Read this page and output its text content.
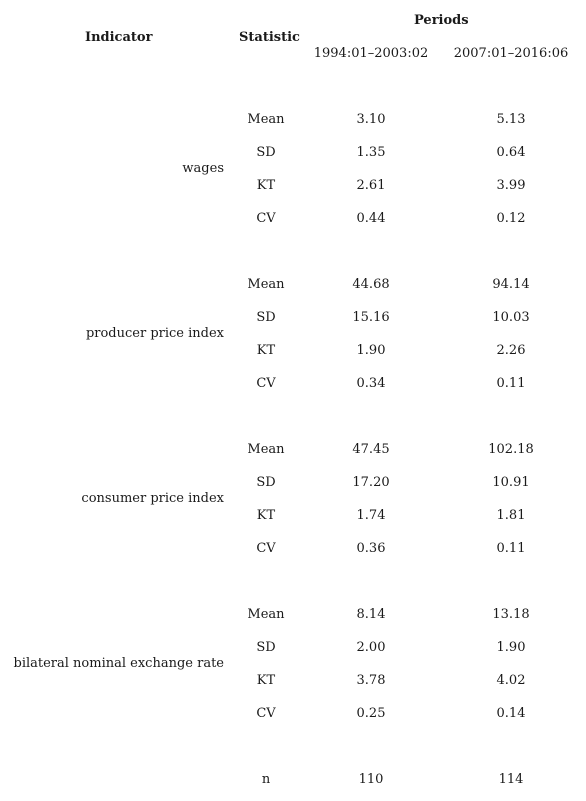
Indicator	Statistic
Periods
1994:01–2003:02	2007:01–2016:06
wages
Mean	3.10	5.13
SD	1.35	0.64
KT	2.61	3.99
CV	0.44	0.12
producer price index
Mean	44.68	94.14
SD	15.16	10.03
KT	1.90	2.26
CV	0.34	0.11
consumer price index
Mean	47.45	102.18
SD	17.20	10.91
KT	1.74	1.81
CV	0.36	0.11
bilateral nominal exchange rate
Mean	8.14	13.18
SD	2.00	1.90
KT	3.78	4.02
CV	0.25	0.14
n	110	114
